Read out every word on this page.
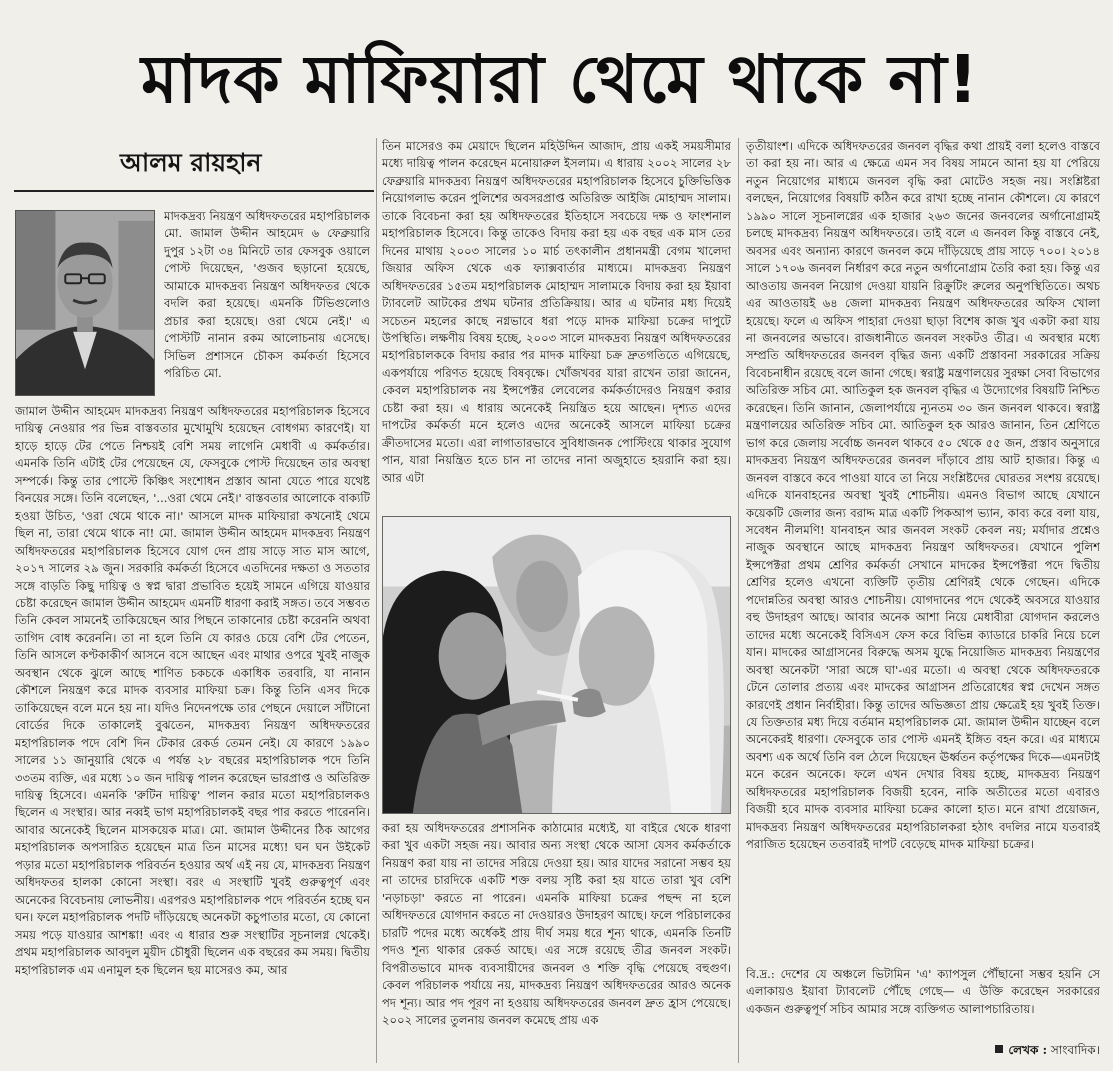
মাদক মাফিয়ারা থেমে থাকে না!
আলম রায়হান

মাদকদ্রব্য নিয়ন্ত্রণ অধিদফতরের মহাপরিচালক মো. জামাল উদ্দীন আহমেদ ৬ ফেব্রুয়ারি দুপুর ১২টা ৩৪ মিনিটে তার ফেসবুক ওয়ালে পোস্ট দিয়েছেন, 'গুজব ছড়ানো হয়েছে, আমাকে মাদকদ্রব্য নিয়ন্ত্রণ অধিদফতর থেকে বদলি করা হয়েছে। এমনকি টিভিগুলোও প্রচার করা হয়েছে। ওরা থেমে নেই।' এ পোস্টটি নানান রকম আলোচনায় এসেছে। সিভিল প্রশাসনে চৌকস কর্মকর্তা হিসেবে পরিচিত মো.

জামাল উদ্দীন আহমেদ মাদকদ্রব্য নিয়ন্ত্রণ অধিদফতরের মহাপরিচালক হিসেবে দায়িত্ব নেওয়ার পর ভিন্ন বাস্তবতার মুখোমুখি হয়েছেন বোধগম্য কারণেই। যা হাড়ে হাড়ে টের পেতে নিশ্চয়ই বেশি সময় লাগেনি মেধাবী এ কর্মকর্তার। এমনকি তিনি এটাই টের পেয়েছেন যে, ফেসবুকে পোস্ট দিয়েছেন তার অবস্থা সম্পর্কে। কিন্তু তার পোস্টে কিঞ্চিৎ সংশোধন প্রস্তাব আনা যেতে পারে যথেষ্ট বিনয়ের সঙ্গে। তিনি বলেছেন, '...ওরা থেমে নেই।' বাস্তবতার আলোকে বাক্যটি হওয়া উচিত, 'ওরা থেমে থাকে না।' আসলে মাদক মাফিয়ারা কখনোই থেমে ছিল না, তারা থেমে থাকে না! মো. জামাল উদ্দীন আহমেদ মাদকদ্রব্য নিয়ন্ত্রণ অধিদফতরের মহাপরিচালক হিসেবে যোগ দেন প্রায় সাড়ে সাত মাস আগে, ২০১৭ সালের ২৯ জুন। সরকারি কর্মকর্তা হিসেবে এতদিনের দক্ষতা ও সততার সঙ্গে বাড়তি কিছু দায়িত্ব ও স্বপ্ন দ্বারা প্রভাবিত হয়েই সামনে এগিয়ে যাওয়ার চেষ্টা করেছেন জামাল উদ্দীন আহমেদ এমনটি ধারণা করাই সঙ্গত। তবে সম্ভবত তিনি কেবল সামনেই তাকিয়েছেন আর পিছনে তাকানোর চেষ্টা করেননি অথবা তাগিদ বোধ করেননি। তা না হলে তিনি যে কারও চেয়ে বেশি টের পেতেন, তিনি আসলে কণ্টকাকীর্ণ আসনে বসে আছেন এবং মাথার ওপরে খুবই নাজুক অবস্থান থেকে ঝুলে আছে শাণিত চকচকে একাধিক তরবারি, যা নানান কৌশলে নিয়ন্ত্রণ করে মাদক ব্যবসার মাফিয়া চক্র। কিন্তু তিনি এসব দিকে তাকিয়েছেন বলে মনে হয় না। যদিও নিদেনপক্ষে তার পেছনে দেয়ালে সাঁটানো বোর্ডের দিকে তাকালেই বুঝতেন, মাদকদ্রব্য নিয়ন্ত্রণ অধিদফতরের মহাপরিচালক পদে বেশি দিন টেকার রেকর্ড তেমন নেই। যে কারণে ১৯৯০ সালের ১১ জানুয়ারি থেকে এ পর্যন্ত ২৮ বছরের মহাপরিচালক পদে তিনি ৩৩তম ব্যক্তি, এর মধ্যে ১০ জন দায়িত্ব পালন করেছেন ভারপ্রাপ্ত ও অতিরিক্ত দায়িত্ব হিসেবে। এমনকি 'রুটিন দায়িত্ব' পালন করার মতো মহাপরিচালকও ছিলেন এ সংস্থার। আর নব্বই ভাগ মহাপরিচালকই বছর পার করতে পারেননি। আবার অনেকেই ছিলেন মাসকয়েক মাত্র। মো. জামাল উদ্দীনের ঠিক আগের মহাপরিচালক অপসারিত হয়েছেন মাত্র তিন মাসের মধ্যে! ঘন ঘন উইকেট পড়ার মতো মহাপরিচালক পরিবর্তন হওয়ার অর্থ এই নয় যে, মাদকদ্রব্য নিয়ন্ত্রণ অধিদফতর হালকা কোনো সংস্থা। বরং এ সংস্থাটি খুবই গুরুত্বপূর্ণ এবং অনেকের বিবেচনায় লোভনীয়। এরপরও মহাপরিচালক পদে পরিবর্তন হচ্ছে ঘন ঘন। ফলে মহাপরিচালক পদটি দাঁড়িয়েছে অনেকটা কচুপাতার মতো, যে কোনো সময় পড়ে যাওয়ার আশঙ্কা! এবং এ ধারার শুরু সংস্থাটির সূচনালগ্ন থেকেই। প্রথম মহাপরিচালক আবদুল মুয়ীদ চৌধুরী ছিলেন এক বছরের কম সময়। দ্বিতীয় মহাপরিচালক এম এনামুল হক ছিলেন ছয় মাসেরও কম, আর

তিন মাসেরও কম মেয়াদে ছিলেন মহিউদ্দিন আজাদ, প্রায় একই সময়সীমার মধ্যে দায়িত্ব পালন করেছেন মনোয়ারুল ইসলাম। এ ধারায় ২০০২ সালের ২৮ ফেব্রুয়ারি মাদকদ্রব্য নিয়ন্ত্রণ অধিদফতরের মহাপরিচালক হিসেবে চুক্তিভিত্তিক নিয়োগলাভ করেন পুলিশের অবসরপ্রাপ্ত অতিরিক্ত আইজি মোহাম্মদ সালাম। তাকে বিবেচনা করা হয় অধিদফতরের ইতিহাসে সবচেয়ে দক্ষ ও ফাংশনাল মহাপরিচালক হিসেবে। কিন্তু তাকেও বিদায় করা হয় এক বছর এক মাস তের দিনের মাথায় ২০০৩ সালের ১০ মার্চ তৎকালীন প্রধানমন্ত্রী বেগম খালেদা জিয়ার অফিস থেকে এক ফ্যাক্সবার্তার মাধ্যমে। মাদকদ্রব্য নিয়ন্ত্রণ অধিদফতরের ১৫তম মহাপরিচালক মোহাম্মদ সালামকে বিদায় করা হয় ইয়াবা ট্যাবলেট আটকের প্রথম ঘটনার প্রতিক্রিয়ায়। আর এ ঘটনার মধ্য দিয়েই সচেতন মহলের কাছে নগ্নভাবে ধরা পড়ে মাদক মাফিয়া চক্রের দাপুটে উপস্থিতি। লক্ষণীয় বিষয় হচ্ছে, ২০০৩ সালে মাদকদ্রব্য নিয়ন্ত্রণ অধিদফতরের মহাপরিচালককে বিদায় করার পর মাদক মাফিয়া চক্র দ্রুতগতিতে এগিয়েছে, একপর্যায়ে পরিণত হয়েছে বিষবৃক্ষে। খোঁজখবর যারা রাখেন তারা জানেন, কেবল মহাপরিচালক নয় ইন্সপেক্টর লেবেলের কর্মকর্তাদেরও নিয়ন্ত্রণ করার চেষ্টা করা হয়। এ ধারায় অনেকেই নিয়ন্ত্রিত হয়ে আছেন। দৃশ্যত এদের দাপটের কর্মকর্তা মনে হলেও এদের অনেকেই আসলে মাফিয়া চক্রের ক্রীতদাসের মতো। এরা লাগাতারভাবে সুবিধাজনক পোস্টিংয়ে থাকার সুযোগ পান, যারা নিয়ন্ত্রিত হতে চান না তাদের নানা অজুহাতে হয়রানি করা হয়। আর এটা

করা হয় অধিদফতরের প্রশাসনিক কাঠামোর মধ্যেই, যা বাইরে থেকে ধারণা করা খুব একটা সহজ নয়। আবার অন্য সংস্থা থেকে আসা যেসব কর্মকর্তাকে নিয়ন্ত্রণ করা যায় না তাদের সরিয়ে দেওয়া হয়। আর যাদের সরানো সম্ভব হয় না তাদের চারদিকে একটি শক্ত বলয় সৃষ্টি করা হয় যাতে তারা খুব বেশি 'নড়াচড়া' করতে না পারেন। এমনকি মাফিয়া চক্রের পছন্দ না হলে অধিদফতরে যোগদান করতে না দেওয়ারও উদাহরণ আছে। ফলে পরিচালকের চারটি পদের মধ্যে অর্ধেকই প্রায় দীর্ঘ সময় ধরে শূন্য থাকে, এমনকি তিনটি পদও শূন্য থাকার রেকর্ড আছে। এর সঙ্গে রয়েছে তীব্র জনবল সংকট। বিপরীতভাবে মাদক ব্যবসায়ীদের জনবল ও শক্তি বৃদ্ধি পেয়েছে বহুগুণ। কেবল পরিচালক পর্যায়ে নয়, মাদকদ্রব্য নিয়ন্ত্রণ অধিদফতরের আরও অনেক পদ শূন্য। আর পদ পূরণ না হওয়ায় অধিদফতরের জনবল দ্রুত হ্রাস পেয়েছে। ২০০২ সালের তুলনায় জনবল কমেছে প্রায় এক

তৃতীয়াংশ। এদিকে অধিদফতরের জনবল বৃদ্ধির কথা প্রায়ই বলা হলেও বাস্তবে তা করা হয় না। আর এ ক্ষেত্রে এমন সব বিষয় সামনে আনা হয় যা পেরিয়ে নতুন নিয়োগের মাধ্যমে জনবল বৃদ্ধি করা মোটেও সহজ নয়। সংশ্লিষ্টরা বলছেন, নিয়োগের বিষয়টি কঠিন করে রাখা হচ্ছে নানান কৌশলে। যে কারণে ১৯৯০ সালে সূচনালগ্নের এক হাজার ২৬৩ জনের জনবলের অর্গানোগ্রামই চলছে মাদকদ্রব্য নিয়ন্ত্রণ অধিদফতরে। তাই বলে এ জনবল কিন্তু বাস্তবে নেই, অবসর এবং অন্যান্য কারণে জনবল কমে দাঁড়িয়েছে প্রায় সাড়ে ৭০০। ২০১৪ সালে ১৭০৬ জনবল নির্ধারণ করে নতুন অর্গানোগ্রাম তৈরি করা হয়। কিন্তু এর আওতায় জনবল নিয়োগ দেওয়া যায়নি রিক্রুটিং রুলের অনুপস্থিতিতে। অথচ এর আওতায়ই ৬৪ জেলা মাদকদ্রব্য নিয়ন্ত্রণ অধিদফতরের অফিস খোলা হয়েছে। ফলে এ অফিস পাহারা দেওয়া ছাড়া বিশেষ কাজ খুব একটা করা যায় না জনবলের অভাবে। রাজধানীতে জনবল সংকটও তীব্র। এ অবস্থার মধ্যে সম্প্রতি অধিদফতরের জনবল বৃদ্ধির জন্য একটি প্রস্তাবনা সরকারের সক্রিয় বিবেচনাধীন রয়েছে বলে জানা গেছে। স্বরাষ্ট্র মন্ত্রণালয়ের সুরক্ষা সেবা বিভাগের অতিরিক্ত সচিব মো. আতিকুল হক জনবল বৃদ্ধির এ উদ্যোগের বিষয়টি নিশ্চিত করেছেন। তিনি জানান, জেলাপর্যায়ে ন্যূনতম ৩০ জন জনবল থাকবে। স্বরাষ্ট্র মন্ত্রণালয়ের অতিরিক্ত সচিব মো. আতিকুল হক আরও জানান, তিন শ্রেণিতে ভাগ করে জেলায় সর্বোচ্চ জনবল থাকবে ৫০ থেকে ৫৫ জন, প্রস্তাব অনুসারে মাদকদ্রব্য নিয়ন্ত্রণ অধিদফতরের জনবল দাঁড়াবে প্রায় আট হাজার। কিন্তু এ জনবল বাস্তবে কবে পাওয়া যাবে তা নিয়ে সংশ্লিষ্টদের ঘোরতর সংশয় রয়েছে। এদিকে যানবাহনের অবস্থা খুবই শোচনীয়। এমনও বিভাগ আছে যেখানে কয়েকটি জেলার জন্য বরাদ্দ মাত্র একটি পিকআপ ভ্যান, কাব্য করে বলা যায়, সবেধন নীলমণি! যানবাহন আর জনবল সংকট কেবল নয়; মর্যাদার প্রশ্নেও নাজুক অবস্থানে আছে মাদকদ্রব্য নিয়ন্ত্রণ অধিদফতর। যেখানে পুলিশ ইন্সপেক্টরা প্রথম শ্রেণির কর্মকর্তা সেখানে মাদকের ইন্সপেক্টরা পদে দ্বিতীয় শ্রেণির হলেও এখনো ব্যক্তিটি তৃতীয় শ্রেণিরই থেকে গেছেন। এদিকে পদোন্নতির অবস্থা আরও শোচনীয়। যোগদানের পদে থেকেই অবসরে যাওয়ার বহু উদাহরণ আছে। আবার অনেক আশা নিয়ে মেধাবীরা যোগদান করলেও তাদের মধ্যে অনেকেই বিসিএস ফেস করে বিভিন্ন ক্যাডারে চাকরি নিয়ে চলে যান। মাদকের আগ্রাসনের বিরুদ্ধে অসম যুদ্ধে নিয়োজিত মাদকদ্রব্য নিয়ন্ত্রণের অবস্থা অনেকটা 'সারা অঙ্গে ঘা'-এর মতো। এ অবস্থা থেকে অধিদফতরকে টেনে তোলার প্রত্যয় এবং মাদকের আগ্রাসন প্রতিরোধের স্বপ্ন দেখেন সঙ্গত কারণেই প্রধান নির্বাহীরা। কিন্তু তাদের অভিজ্ঞতা প্রায় ক্ষেত্রেই হয় খুবই তিক্ত। যে তিক্ততার মধ্য দিয়ে বর্তমান মহাপরিচালক মো. জামাল উদ্দীন যাচ্ছেন বলে অনেকেরই ধারণা। ফেসবুকে তার পোস্ট এমনই ইঙ্গিত বহন করে। এর মাধ্যমে অবশ্য এক অর্থে তিনি বল ঠেলে দিয়েছেন ঊর্ধ্বতন কর্তৃপক্ষের দিকে—এমনটাই মনে করেন অনেকে। ফলে এখন দেখার বিষয় হচ্ছে, মাদকদ্রব্য নিয়ন্ত্রণ অধিদফতরের মহাপরিচালক বিজয়ী হবেন, নাকি অতীতের মতো এবারও বিজয়ী হবে মাদক ব্যবসার মাফিয়া চক্রের কালো হাত। মনে রাখা প্রয়োজন, মাদকদ্রব্য নিয়ন্ত্রণ অধিদফতরের মহাপরিচালকরা হঠাৎ বদলির নামে যতবারই পরাজিত হয়েছেন ততবারই দাপট বেড়েছে মাদক মাফিয়া চক্রের।

বি.দ্র.: দেশের যে অঞ্চলে ভিটামিন 'এ' ক্যাপসুল পৌঁছানো সম্ভব হয়নি সে এলাকায়ও ইয়াবা ট্যাবলেট পৌঁছে গেছে— এ উক্তি করেছেন সরকারের একজন গুরুত্বপূর্ণ সচিব আমার সঙ্গে ব্যক্তিগত আলাপচারিতায়।

লেখক : সাংবাদিক।
